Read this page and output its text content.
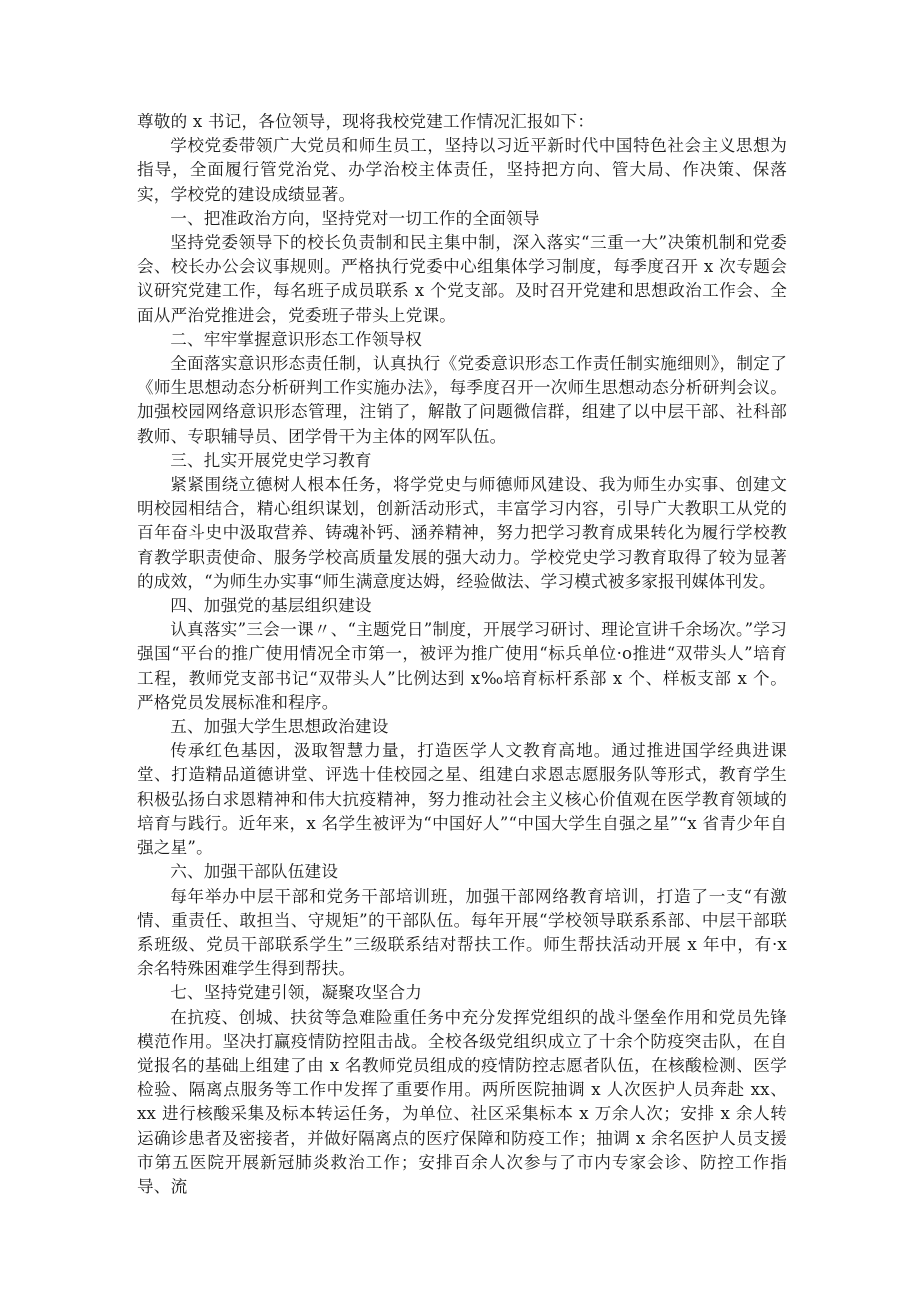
尊敬的 x 书记，各位领导，现将我校党建工作情况汇报如下：

学校党委带领广大党员和师生员工，坚持以习近平新时代中国特色社会主义思想为指导，全面履行管党治党、办学治校主体责任，坚持把方向、管大局、作决策、保落实，学校党的建设成绩显著。

一、把准政治方向，坚持党对一切工作的全面领导

坚持党委领导下的校长负责制和民主集中制，深入落实“三重一大”决策机制和党委会、校长办公会议事规则。严格执行党委中心组集体学习制度，每季度召开 x 次专题会议研究党建工作，每名班子成员联系 x 个党支部。及时召开党建和思想政治工作会、全面从严治党推进会，党委班子带头上党课。

二、牢牢掌握意识形态工作领导权

全面落实意识形态责任制，认真执行《党委意识形态工作责任制实施细则》，制定了《师生思想动态分析研判工作实施办法》，每季度召开一次师生思想动态分析研判会议。加强校园网络意识形态管理，注销了，解散了问题微信群，组建了以中层干部、社科部教师、专职辅导员、团学骨干为主体的网军队伍。

三、扎实开展党史学习教育

紧紧围绕立德树人根本任务，将学党史与师德师风建设、我为师生办实事、创建文明校园相结合，精心组织谋划，创新活动形式，丰富学习内容，引导广大教职工从党的百年奋斗史中汲取营养、铸魂补钙、涵养精神，努力把学习教育成果转化为履行学校教育教学职责使命、服务学校高质量发展的强大动力。学校党史学习教育取得了较为显著的成效，“为师生办实事“师生满意度达姆，经验做法、学习模式被多家报刊媒体刊发。

四、加强党的基层组织建设

认真落实”三会一课〃、“主题党日”制度，开展学习研讨、理论宣讲千余场次。”学习强国“平台的推广使用情况全市第一，被评为推广使用“标兵单位·o推进“双带头人”培育工程，教师党支部书记“双带头人”比例达到 x‰培育标杆系部 x 个、样板支部 x 个。严格党员发展标准和程序。

五、加强大学生思想政治建设

传承红色基因，汲取智慧力量，打造医学人文教育高地。通过推进国学经典进课堂、打造精品道德讲堂、评选十佳校园之星、组建白求恩志愿服务队等形式，教育学生积极弘扬白求恩精神和伟大抗疫精神，努力推动社会主义核心价值观在医学教育领域的培育与践行。近年来，x 名学生被评为“中国好人”“中国大学生自强之星”“x 省青少年自强之星”。

六、加强干部队伍建设

每年举办中层干部和党务干部培训班，加强干部网络教育培训，打造了一支“有激情、重责任、敢担当、守规矩”的干部队伍。每年开展“学校领导联系系部、中层干部联系班级、党员干部联系学生”三级联系结对帮扶工作。师生帮扶活动开展 x 年中，有·x 余名特殊困难学生得到帮扶。

七、坚持党建引领，凝聚攻坚合力

在抗疫、创城、扶贫等急难险重任务中充分发挥党组织的战斗堡垒作用和党员先锋模范作用。坚决打赢疫情防控阻击战。全校各级党组织成立了十余个防疫突击队，在自觉报名的基础上组建了由 x 名教师党员组成的疫情防控志愿者队伍，在核酸检测、医学检验、隔离点服务等工作中发挥了重要作用。两所医院抽调 x 人次医护人员奔赴 xx、xx 进行核酸采集及标本转运任务，为单位、社区采集标本 x 万余人次；安排 x 余人转运确诊患者及密接者，并做好隔离点的医疗保障和防疫工作；抽调 x 余名医护人员支援市第五医院开展新冠肺炎救治工作；安排百余人次参与了市内专家会诊、防控工作指导、流
